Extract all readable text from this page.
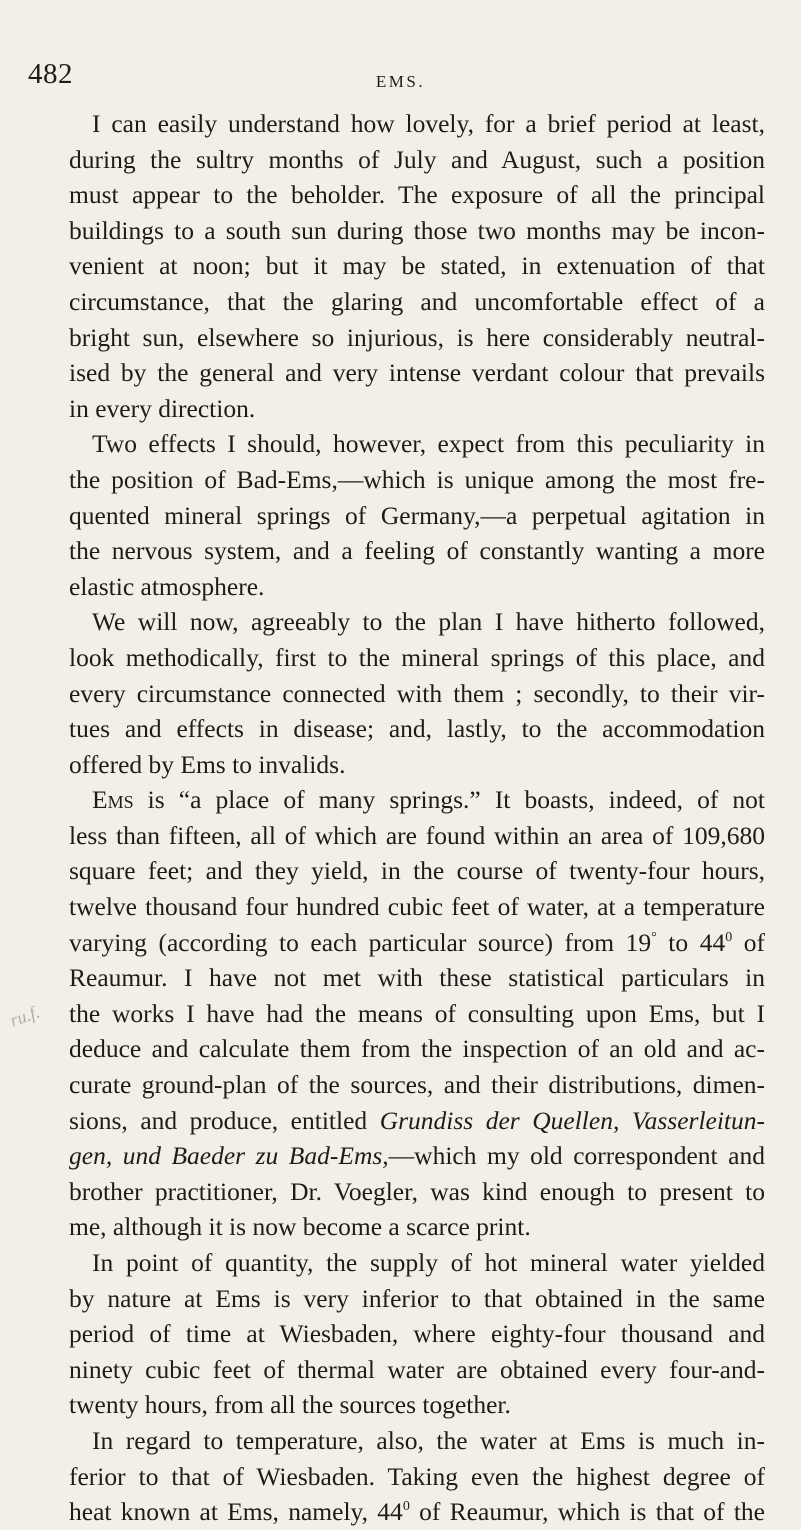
482	EMS.
ru.f.
I can easily understand how lovely, for a brief period at least,
during the sultry months of July and August, such a position
must appear to the beholder. The exposure of all the principal
buildings to a south sun during those two months may be incon-
venient at noon; but it may be stated, in extenuation of that
circumstance, that the glaring and uncomfortable effect of a
bright sun, elsewhere so injurious, is here considerably neutral-
ised by the general and very intense verdant colour that prevails
in every direction.
Two effects I should, however, expect from this peculiarity in
the position of Bad-Ems,—which is unique among the most fre-
quented mineral springs of Germany,—a perpetual agitation in
the nervous system, and a feeling of constantly wanting a more
elastic atmosphere.
We will now, agreeably to the plan I have hitherto followed,
look methodically, first to the mineral springs of this place, and
every circumstance connected with them ; secondly, to their vir-
tues and effects in disease; and, lastly, to the accommodation
offered by Ems to invalids.
Ems is “a place of many springs.” It boasts, indeed, of not
less than fifteen, all of which are found within an area of 109,680
square feet; and they yield, in the course of twenty-four hours,
twelve thousand four hundred cubic feet of water, at a temperature
varying (according to each particular source) from 19° to $44^0$ of
Reaumur. I have not met with these statistical particulars in
the works I have had the means of consulting upon Ems, but I
deduce and calculate them from the inspection of an old and ac-
curate ground-plan of the sources, and their distributions, dimen-
sions, and produce, entitled Grundiss der Quellen, Vasserleitun-
gen, und Baeder zu Bad-Ems,—which my old correspondent and
brother practitioner, Dr. Voegler, was kind enough to present to
me, although it is now become a scarce print.
In point of quantity, the supply of hot mineral water yielded
by nature at Ems is very inferior to that obtained in the same
period of time at Wiesbaden, where eighty-four thousand and
ninety cubic feet of thermal water are obtained every four-and-
twenty hours, from all the sources together.
In regard to temperature, also, the water at Ems is much in-
ferior to that of Wiesbaden. Taking even the highest degree of
heat known at Ems, namely, $44^0$ of Reaumur, which is that of the
